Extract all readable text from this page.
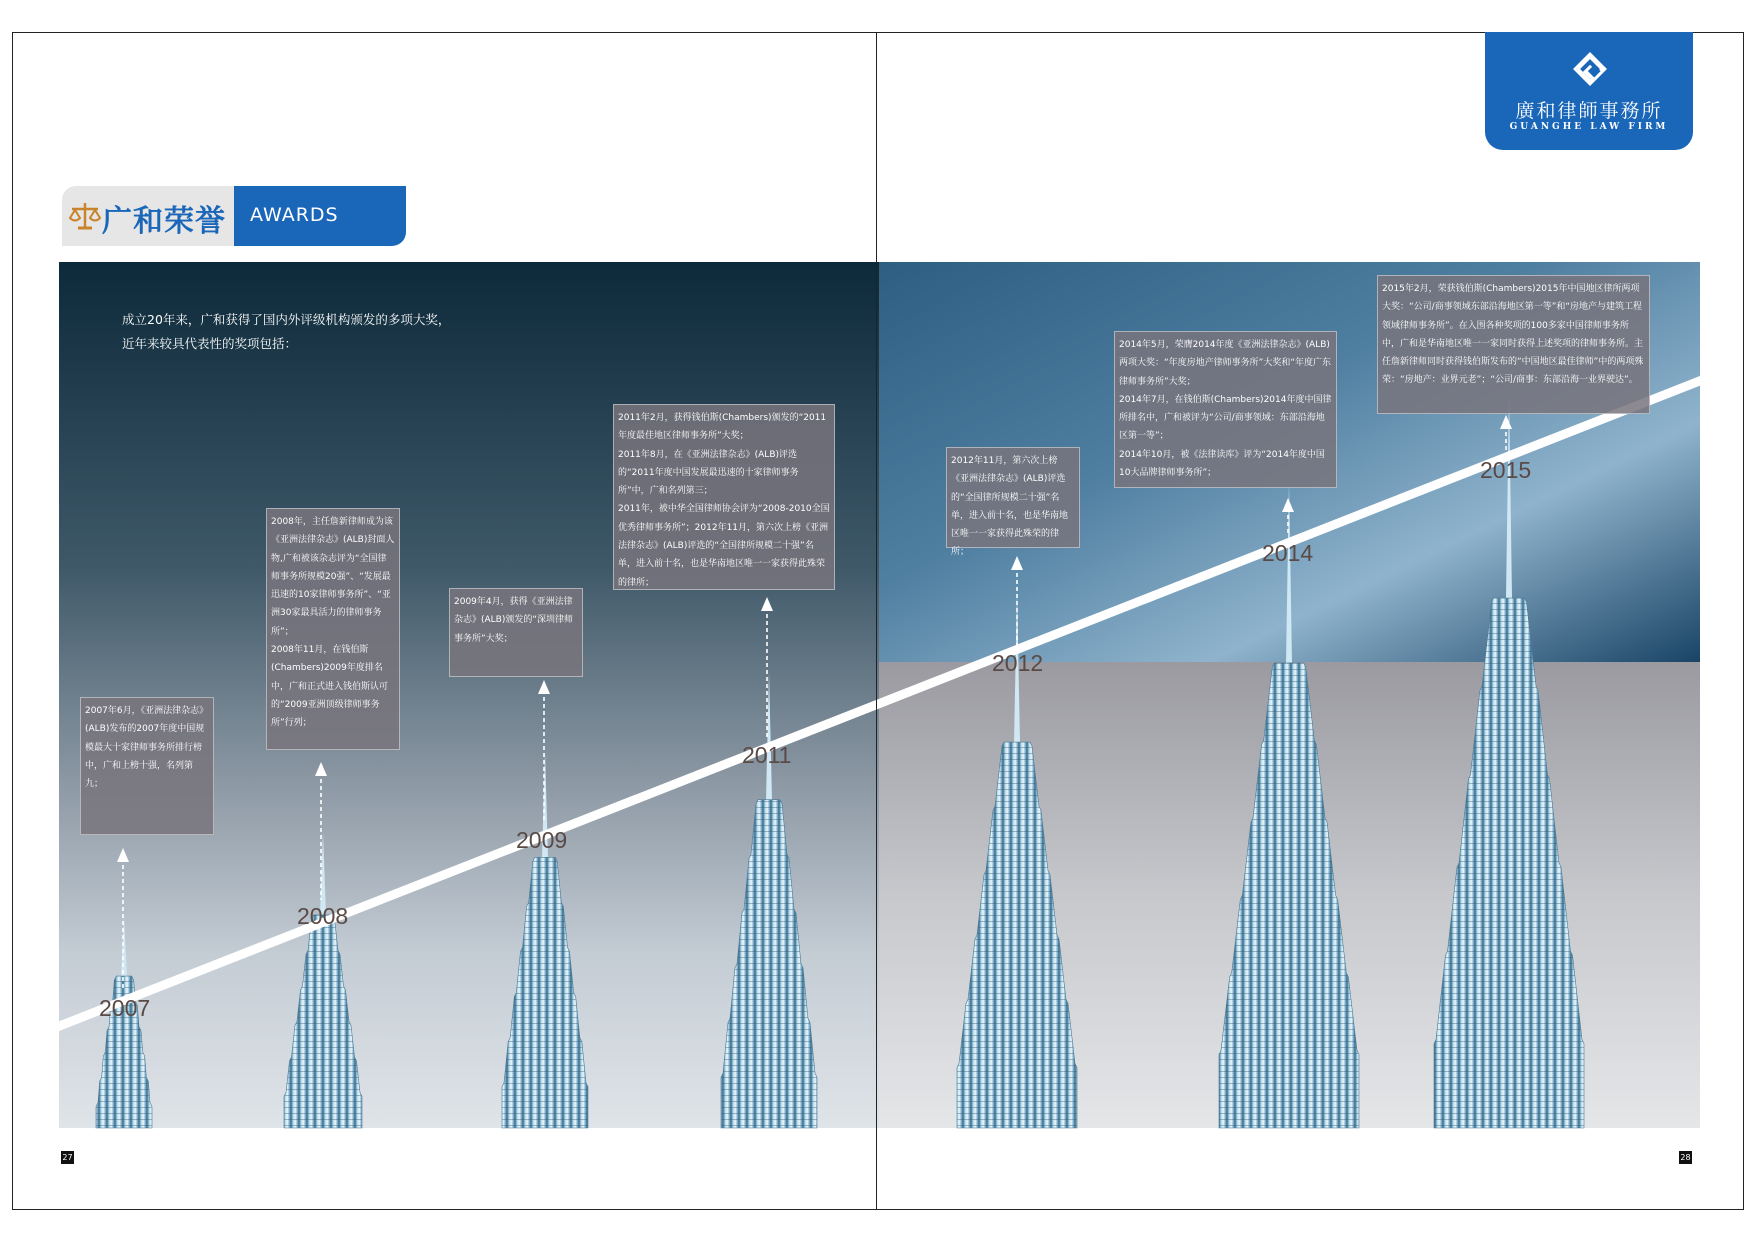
廣和律師事務所
GUANGHE LAW FIRM
广和荣誉 AWARDS
成立20年来，广和获得了国内外评级机构颁发的多项大奖，
近年来较具代表性的奖项包括：
2007
2008
2009
2011
2012
2014
2015

2007年6月，《亚洲法律杂志》(ALB)发布的2007年度中国规模最大十家律师事务所排行榜中，广和上榜十强，名列第九；

2008年，主任詹新律师成为该《亚洲法律杂志》(ALB)封面人物,广和被该杂志评为“全国律师事务所规模20强”、“发展最迅速的10家律师事务所”、“亚洲30家最具活力的律师事务所”；

2008年11月，在钱伯斯(Chambers)2009年度排名中，广和正式进入钱伯斯认可的“2009亚洲顶级律师事务所”行列；

2009年4月，获得《亚洲法律杂志》(ALB)颁发的“深圳律师事务所”大奖；

2011年2月，获得钱伯斯(Chambers)颁发的“2011年度最佳地区律师事务所”大奖；

2011年8月，在《亚洲法律杂志》(ALB)评选的“2011年度中国发展最迅速的十家律师事务所”中，广和名列第三；

2011年，被中华全国律师协会评为“2008-2010全国优秀律师事务所”；2012年11月，第六次上榜《亚洲法律杂志》(ALB)评选的“全国律所规模二十强”名单，进入前十名，也是华南地区唯一一家获得此殊荣的律所；

2012年11月，第六次上榜《亚洲法律杂志》(ALB)评选的“全国律所规模二十强”名单，进入前十名，也是华南地区唯一一家获得此殊荣的律所；

2014年5月，荣膺2014年度《亚洲法律杂志》(ALB)两项大奖：“年度房地产律师事务所”大奖和“年度广东律师事务所”大奖；

2014年7月，在钱伯斯(Chambers)2014年度中国律所排名中，广和被评为“公司/商事领域：东部沿海地区第一等”；

2014年10月，被《法律读库》评为“2014年度中国10大品牌律师事务所”；

2015年2月，荣获钱伯斯(Chambers)2015年中国地区律所两项大奖：“公司/商事领域东部沿海地区第一等”和“房地产与建筑工程领域律师事务所”。在入围各种奖项的100多家中国律师事务所中，广和是华南地区唯一一家同时获得上述奖项的律师事务所。主任詹新律师同时获得钱伯斯发布的“中国地区最佳律师”中的两项殊荣：“房地产：业界元老”；“公司/商事：东部沿海一业界驶达”。

27	28
